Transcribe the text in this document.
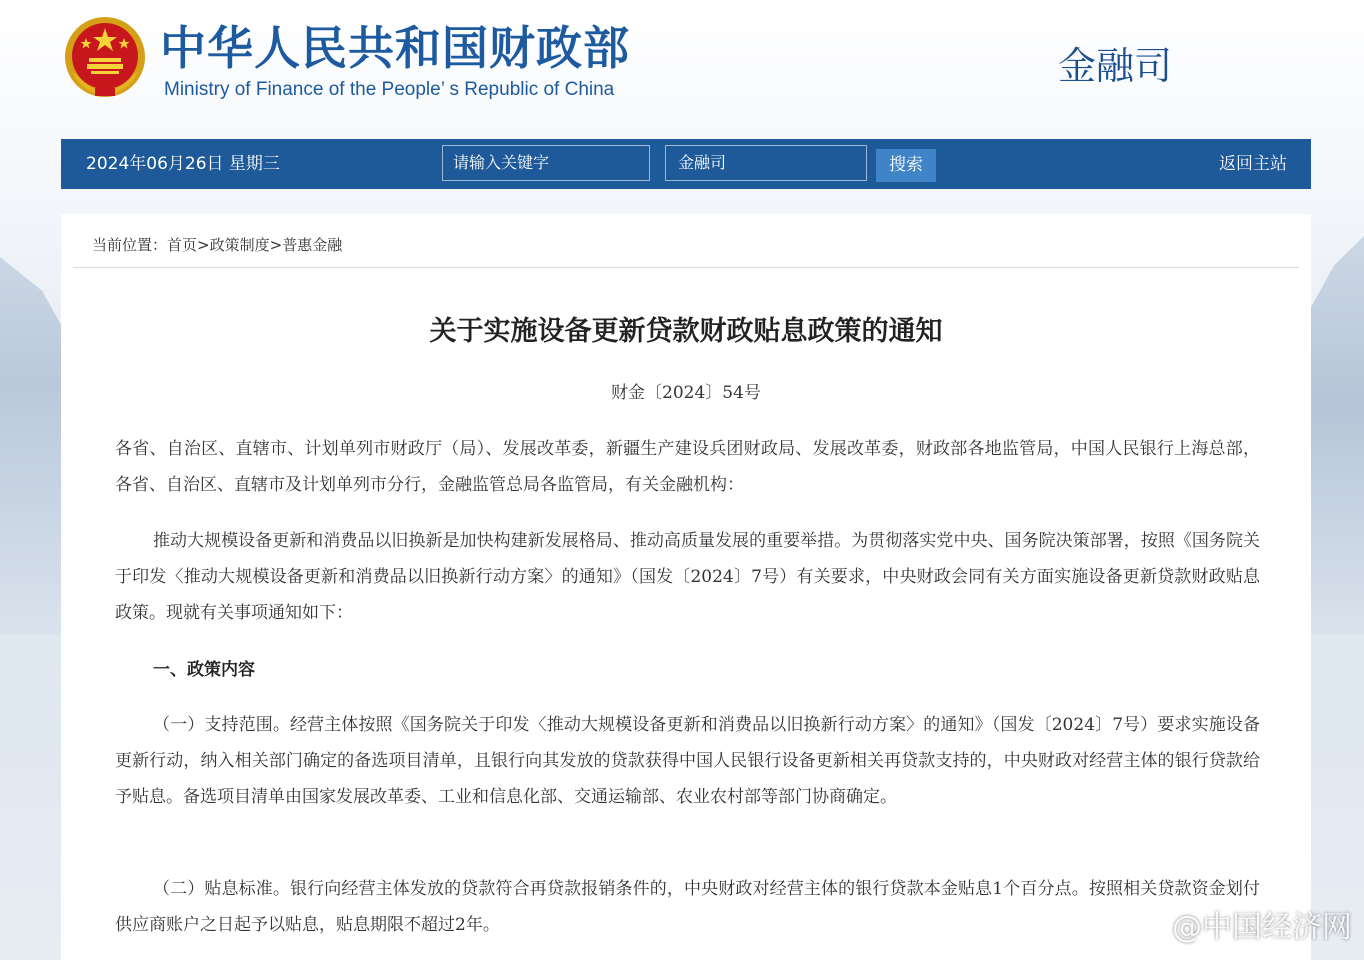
中华人民共和国财政部
Ministry of Finance of the People’ s Republic of China
金融司
2024年06月26日 星期三	请输入关键字	金融司	搜索	返回主站
当前位置：首页>政策制度>普惠金融
关于实施设备更新贷款财政贴息政策的通知
财金〔2024〕54号
各省、自治区、直辖市、计划单列市财政厅（局）、发展改革委，新疆生产建设兵团财政局、发展改革委，财政部各地监管局，中国人民银行上海总部，各省、自治区、直辖市及计划单列市分行，金融监管总局各监管局，有关金融机构：
推动大规模设备更新和消费品以旧换新是加快构建新发展格局、推动高质量发展的重要举措。为贯彻落实党中央、国务院决策部署，按照《国务院关于印发〈推动大规模设备更新和消费品以旧换新行动方案〉的通知》（国发〔2024〕7号）有关要求，中央财政会同有关方面实施设备更新贷款财政贴息政策。现就有关事项通知如下：
一、政策内容
（一）支持范围。经营主体按照《国务院关于印发〈推动大规模设备更新和消费品以旧换新行动方案〉的通知》（国发〔2024〕7号）要求实施设备更新行动，纳入相关部门确定的备选项目清单，且银行向其发放的贷款获得中国人民银行设备更新相关再贷款支持的，中央财政对经营主体的银行贷款给予贴息。备选项目清单由国家发展改革委、工业和信息化部、交通运输部、农业农村部等部门协商确定。
（二）贴息标准。银行向经营主体发放的贷款符合再贷款报销条件的，中央财政对经营主体的银行贷款本金贴息1个百分点。按照相关贷款资金划付供应商账户之日起予以贴息，贴息期限不超过2年。	@中国经济网
